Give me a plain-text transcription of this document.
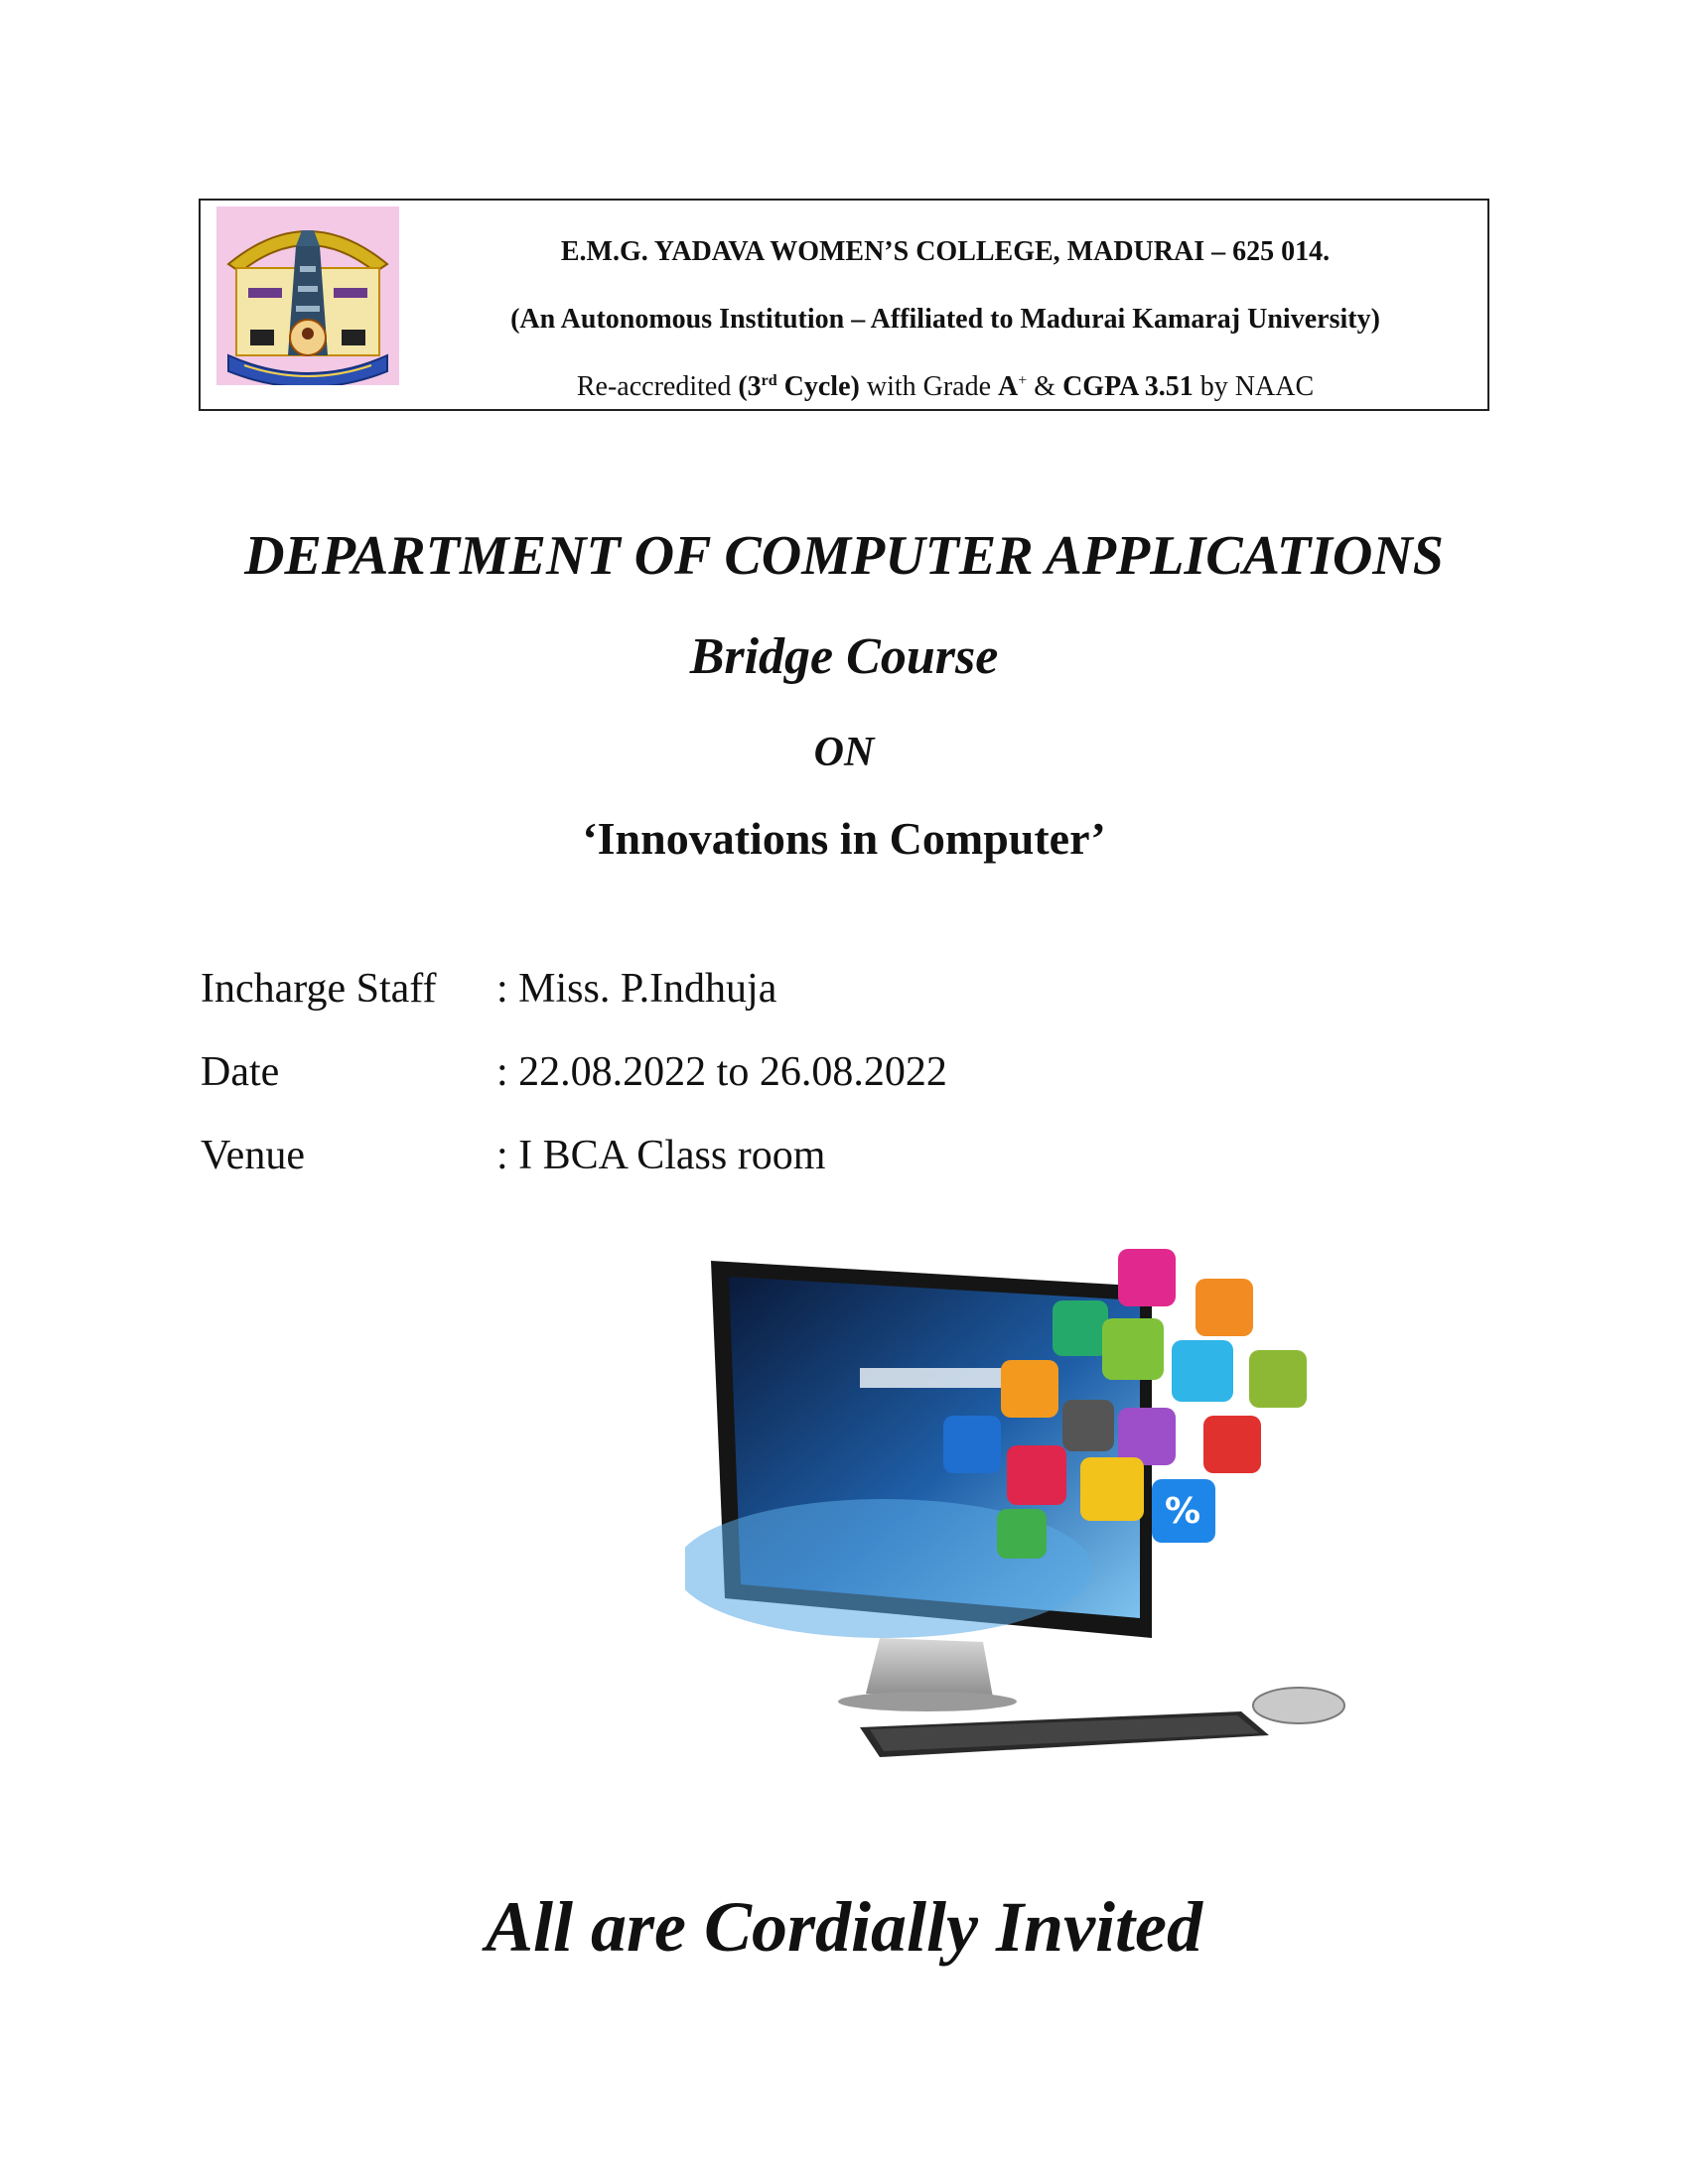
E.M.G. YADAVA WOMEN’S COLLEGE, MADURAI – 625 014.
(An Autonomous Institution – Affiliated to Madurai Kamaraj University)
Re-accredited (3rd Cycle) with Grade A+ & CGPA 3.51 by NAAC
DEPARTMENT OF COMPUTER APPLICATIONS
Bridge Course
ON
‘Innovations in Computer’
Incharge Staff : Miss. P.Indhuja
Date	: 22.08.2022 to 26.08.2022
Venue	: I BCA Class room
%
All are Cordially Invited
